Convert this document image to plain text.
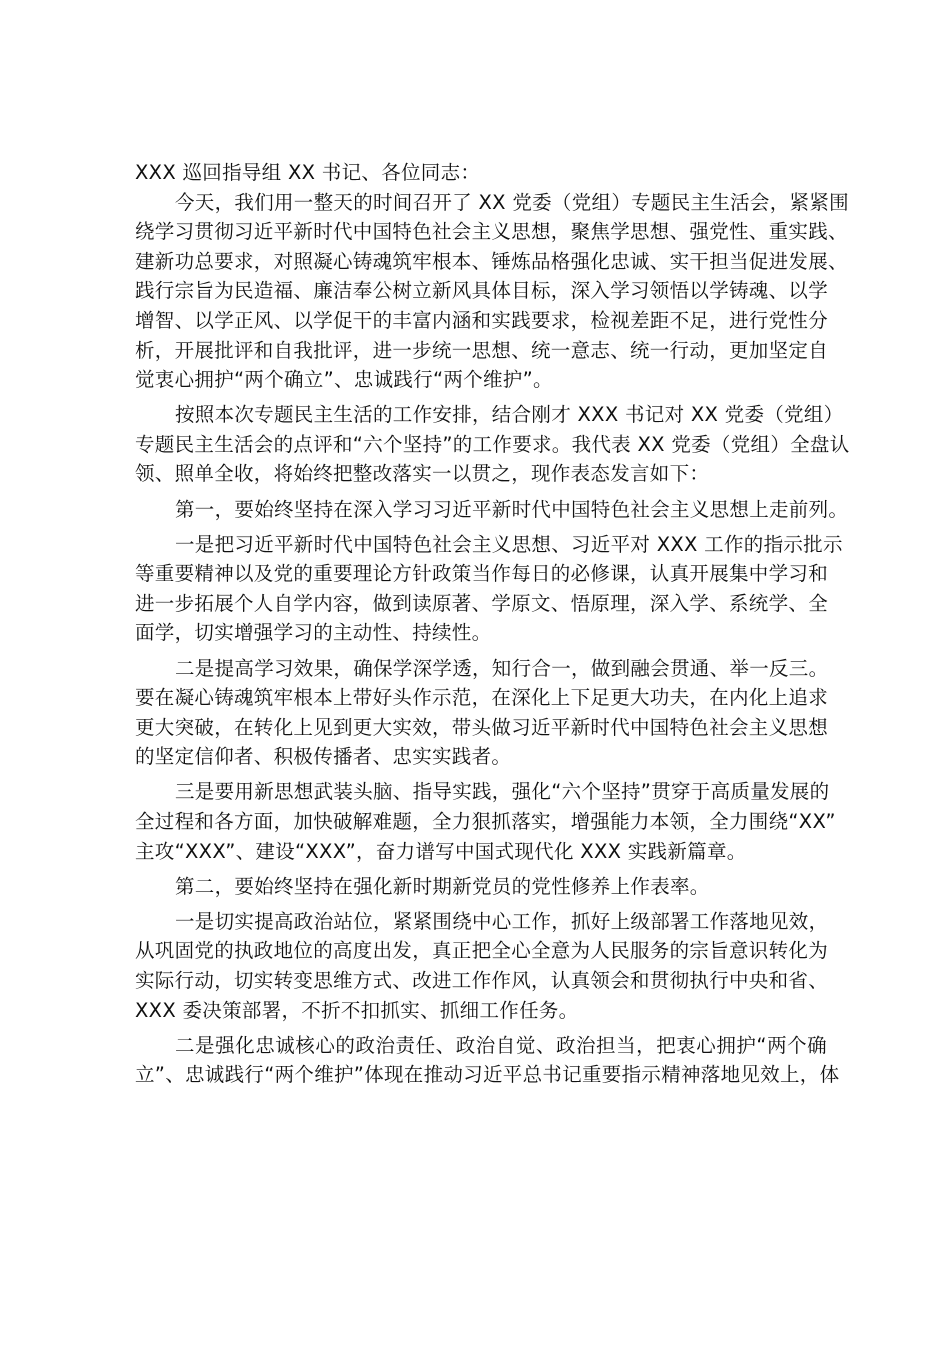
XXX 巡回指导组 XX 书记、各位同志：
今天，我们用一整天的时间召开了 XX 党委（党组）专题民主生活会，紧紧围
绕学习贯彻习近平新时代中国特色社会主义思想，聚焦学思想、强党性、重实践、
建新功总要求，对照凝心铸魂筑牢根本、锤炼品格强化忠诚、实干担当促进发展、
践行宗旨为民造福、廉洁奉公树立新风具体目标，深入学习领悟以学铸魂、以学
增智、以学正风、以学促干的丰富内涵和实践要求，检视差距不足，进行党性分
析，开展批评和自我批评，进一步统一思想、统一意志、统一行动，更加坚定自
觉衷心拥护“两个确立”、忠诚践行“两个维护”。
按照本次专题民主生活的工作安排，结合刚才 XXX 书记对 XX 党委（党组）
专题民主生活会的点评和“六个坚持”的工作要求。我代表 XX 党委（党组）全盘认
领、照单全收，将始终把整改落实一以贯之，现作表态发言如下：
第一，要始终坚持在深入学习习近平新时代中国特色社会主义思想上走前列。
一是把习近平新时代中国特色社会主义思想、习近平对 XXX 工作的指示批示
等重要精神以及党的重要理论方针政策当作每日的必修课，认真开展集中学习和
进一步拓展个人自学内容，做到读原著、学原文、悟原理，深入学、系统学、全
面学，切实增强学习的主动性、持续性。
二是提高学习效果，确保学深学透，知行合一，做到融会贯通、举一反三。
要在凝心铸魂筑牢根本上带好头作示范，在深化上下足更大功夫，在内化上追求
更大突破，在转化上见到更大实效，带头做习近平新时代中国特色社会主义思想
的坚定信仰者、积极传播者、忠实实践者。
三是要用新思想武装头脑、指导实践，强化“六个坚持”贯穿于高质量发展的
全过程和各方面，加快破解难题，全力狠抓落实，增强能力本领，全力围绕“XX”
主攻“XXX”、建设“XXX”，奋力谱写中国式现代化 XXX 实践新篇章。
第二，要始终坚持在强化新时期新党员的党性修养上作表率。
一是切实提高政治站位，紧紧围绕中心工作，抓好上级部署工作落地见效，
从巩固党的执政地位的高度出发，真正把全心全意为人民服务的宗旨意识转化为
实际行动，切实转变思维方式、改进工作作风，认真领会和贯彻执行中央和省、
XXX 委决策部署，不折不扣抓实、抓细工作任务。
二是强化忠诚核心的政治责任、政治自觉、政治担当，把衷心拥护“两个确
立”、忠诚践行“两个维护”体现在推动习近平总书记重要指示精神落地见效上，体
